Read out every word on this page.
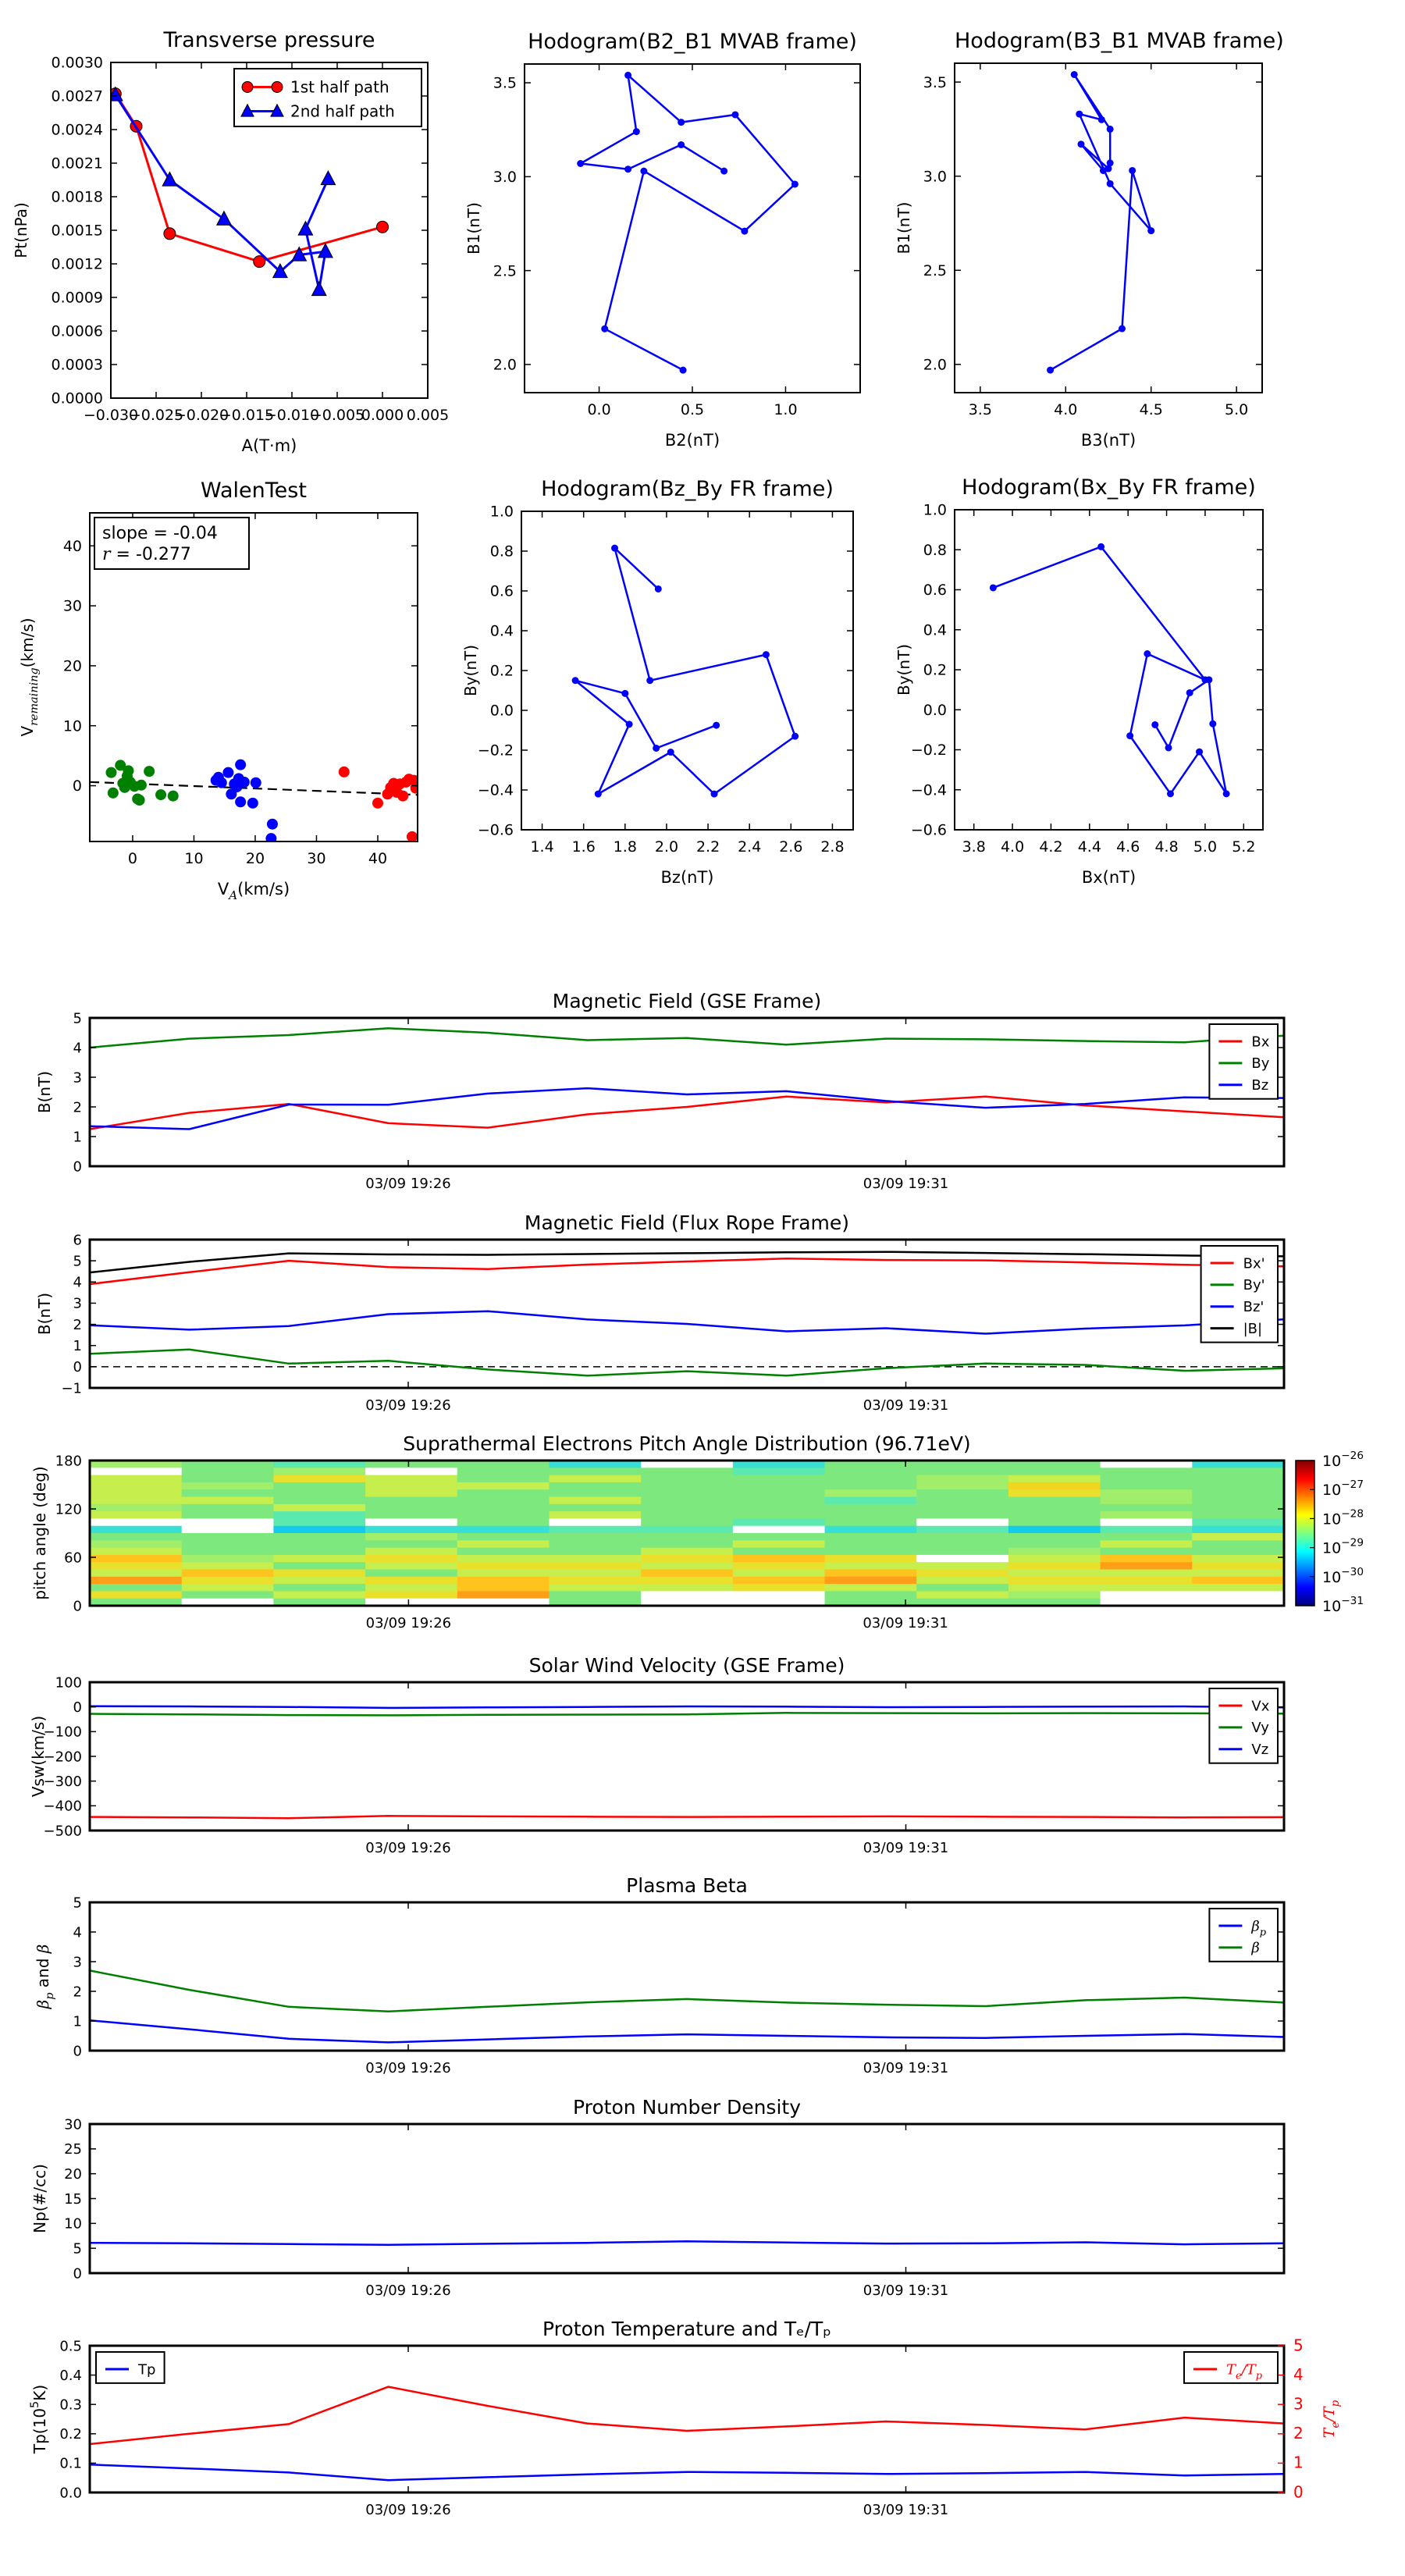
−0.030
−0.025
−0.020
−0.015
−0.010
−0.005
0.000 0.005
0.0000
0.0003
0.0006
0.0009
0.0012
0.0015
0.0018
0.0021
0.0024
0.0027
0.0030
A(T·m)
Pt(nPa)
1st half path
2nd half path
0.0	0.5	1.0
2.0
2.5
3.0
3.5
B2(nT)
B1(nT)
3.5	4.0	4.5	5.0
2.0
2.5
3.0
3.5
B3(nT)
B1(nT)
0	10	20	30	40
0
10
20
30
40
$V_A(km/s)$
$V_{remaining}(km/s)$
slope = -0.04
r = -0.277
1.4 1.6 1.8 2.0 2.2 2.4 2.6 2.8
−0.6
−0.4
−0.2
0.0
0.2
0.4
0.6
0.8
1.0
Bz(nT)
By(nT)
3.8 4.0 4.2 4.4 4.6 4.8 5.0 5.2
−0.6
−0.4
−0.2
0.0
0.2
0.4
0.6
0.8
1.0
Bx(nT)
By(nT)
03/09 19:26	03/09 19:31
0
1
2
3
4
5
B(nT)
Bx
By
Bz
03/09 19:26	03/09 19:31
−1
0
1
2
3
4
5
6
B(nT)
Bx'
By'
Bz'
|B|
03/09 19:26	03/09 19:31
0
60
120
180
pitch angle (deg)
$10^{-26}$
$10^{-27}$
$10^{-28}$
$10^{-29}$
$10^{-30}$
$10^{-31}$
03/09 19:26	03/09 19:31
−500
−400
−300
−200
−100
0
100
Vsw(km/s)
Vx
Vy
Vz
03/09 19:26	03/09 19:31
0
1
2
3
4
5
$\beta_p$ and β
$\beta_p$
β
03/09 19:26	03/09 19:31
0
5
10
15
20
25
30
Np(#/cc)
03/09 19:26	03/09 19:31
0.0
0.1
0.2
0.3
0.4
0.5
0
1
2
3
4
5
$T_e/T_p$
$Tp(10^5K)$
Tp	$T_e/T_p$
Transverse pressure	Hodogram(B2_B1 MVAB frame)	Hodogram(B3_B1 MVAB frame)
WalenTest	Hodogram(Bz_By FR frame)	Hodogram(Bx_By FR frame)
Magnetic Field (GSE Frame)
Magnetic Field (Flux Rope Frame)
Suprathermal Electrons Pitch Angle Distribution (96.71eV)
Solar Wind Velocity (GSE Frame)
Plasma Beta
Proton Number Density
Proton Temperature and Tₑ/Tₚ
